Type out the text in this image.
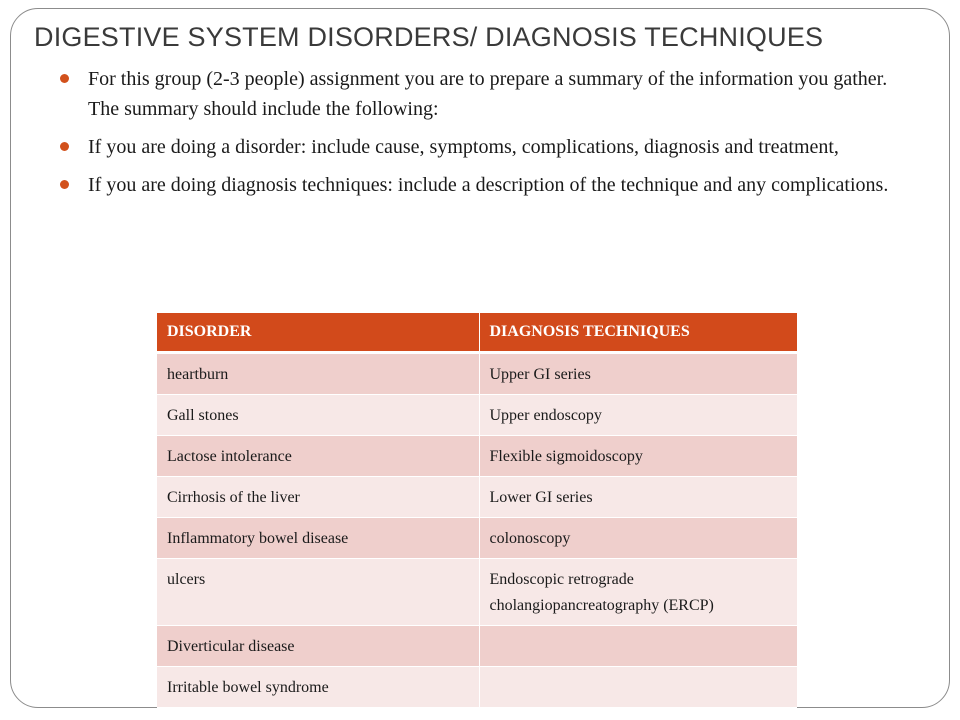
DIGESTIVE SYSTEM DISORDERS/ DIAGNOSIS TECHNIQUES
For this group (2-3 people) assignment you are to prepare a summary of the information you gather. The summary should include the following:
If you are doing a disorder: include cause, symptoms, complications, diagnosis and treatment,
If you are doing diagnosis techniques: include a description of the technique and any complications.
DISORDER	DIAGNOSIS TECHNIQUES
heartburn	Upper GI series
Gall stones	Upper endoscopy
Lactose intolerance	Flexible sigmoidoscopy
Cirrhosis of the liver	Lower GI series
Inflammatory bowel disease	colonoscopy
ulcers	Endoscopic retrograde cholangiopancreatography (ERCP)
Diverticular disease	
Irritable bowel syndrome	
